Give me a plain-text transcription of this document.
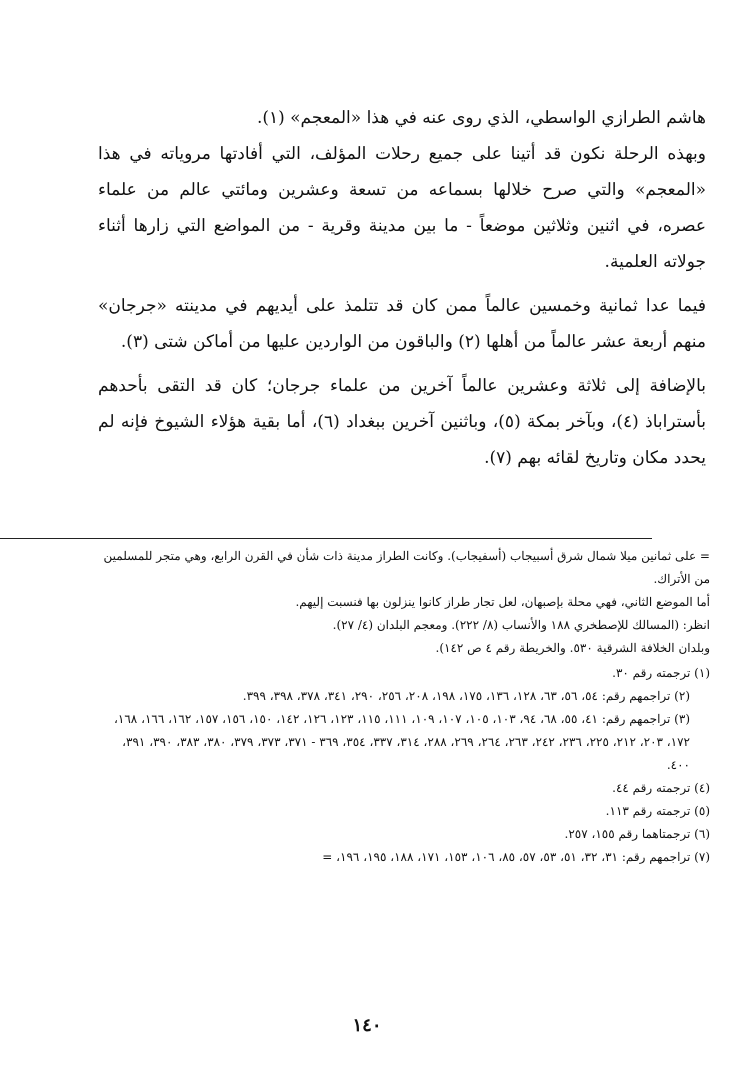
هاشم الطرازي الواسطي، الذي روى عنه في هذا «المعجم» (١).

وبهذه الرحلة نكون قد أتينا على جميع رحلات المؤلف، التي أفادتها مروياته في هذا «المعجم» والتي صرح خلالها بسماعه من تسعة وعشرين ومائتي عالم من علماء عصره، في اثنين وثلاثين موضعاً - ما بين مدينة وقرية - من المواضع التي زارها أثناء جولاته العلمية.

فيما عدا ثمانية وخمسين عالماً ممن كان قد تتلمذ على أيديهم في مدينته «جرجان» منهم أربعة عشر عالماً من أهلها (٢) والباقون من الواردين عليها من أماكن شتى (٣).

بالإضافة إلى ثلاثة وعشرين عالماً آخرين من علماء جرجان؛ كان قد التقى بأحدهم بأستراباذ (٤)، وبآخر بمكة (٥)، وباثنين آخرين ببغداد (٦)، أما بقية هؤلاء الشيوخ فإنه لم يحدد مكان وتاريخ لقائه بهم (٧).

= على ثمانين ميلا شمال شرق أسبيجاب (أسفيجاب). وكانت الطراز مدينة ذات شأن في القرن الرابع، وهي متجر للمسلمين من الأتراك.

أما الموضع الثاني، فهي محلة بإصبهان، لعل تجار طراز كانوا ينزلون بها فنسبت إليهم.

انظر: (المسالك للإصطخري ١٨٨ والأنساب (٨/ ٢٢٢). ومعجم البلدان (٤/ ٢٧).

وبلدان الخلافة الشرقية ٥٣٠. والخريطة رقم ٤ ص ١٤٢).

(١) ترجمته رقم ٣٠.

(٢) تراجمهم رقم: ٥٤، ٥٦، ٦٣، ١٢٨، ١٣٦، ١٧٥، ١٩٨، ٢٠٨، ٢٥٦، ٢٩٠، ٣٤١، ٣٧٨، ٣٩٨، ٣٩٩.

(٣) تراجمهم رقم: ٤١، ٥٥، ٦٨، ٩٤، ١٠٣، ١٠٥، ١٠٧، ١٠٩، ١١١، ١١٥، ١٢٣، ١٢٦، ١٤٢، ١٥٠، ١٥٦، ١٥٧، ١٦٢، ١٦٦، ١٦٨، ١٧٢، ٢٠٣، ٢١٢، ٢٢٥، ٢٣٦، ٢٤٢، ٢٦٣، ٢٦٤، ٢٦٩، ٢٨٨، ٣١٤، ٣٣٧، ٣٥٤، ٣٦٩ - ٣٧١، ٣٧٣، ٣٧٩، ٣٨٠، ٣٨٣، ٣٩٠، ٣٩١، ٤٠٠.

(٤) ترجمته رقم ٤٤.

(٥) ترجمته رقم ١١٣.

(٦) ترجمتاهما رقم ١٥٥، ٢٥٧.

(٧) تراجمهم رقم: ٣١، ٣٢، ٥١، ٥٣، ٥٧، ٨٥، ١٠٦، ١٥٣، ١٧١، ١٨٨، ١٩٥، ١٩٦، =

١٤٠
